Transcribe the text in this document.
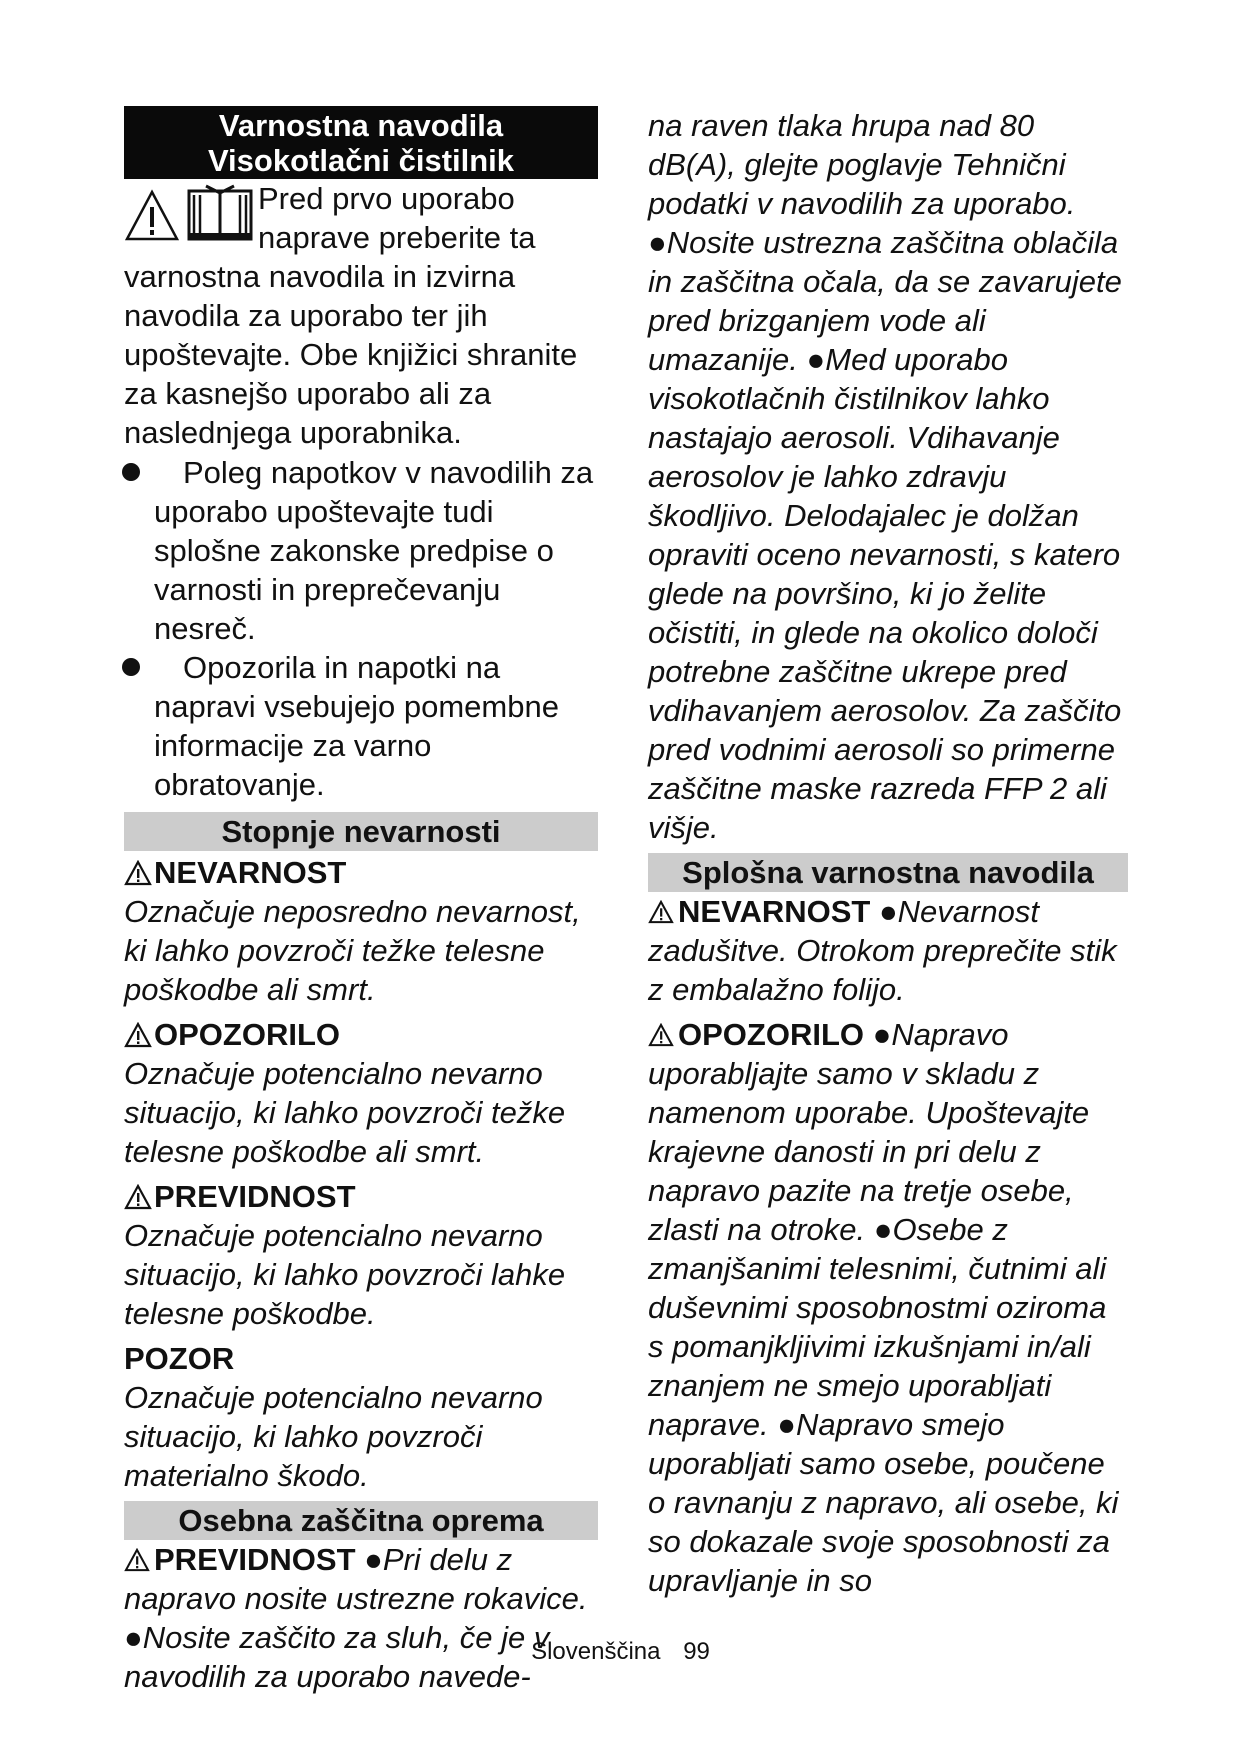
Varnostna navodila
Visokotlačni čistilnik

Pred prvo uporabo naprave preberite ta varnostna navodila in izvirna navodila za uporabo ter jih upoštevajte. Obe knjižici shranite za kasnejšo uporabo ali za naslednjega uporabnika.

Poleg napotkov v navodilih za uporabo upoštevajte tudi splošne zakonske predpise o varnosti in preprečevanju nesreč.

Opozorila in napotki na napravi vsebujejo pomembne informacije za varno obratovanje.

Stopnje nevarnosti
NEVARNOST

Označuje neposredno nevarnost, ki lahko povzroči težke telesne poškodbe ali smrt.

OPOZORILO

Označuje potencialno nevarno situacijo, ki lahko povzroči težke telesne poškodbe ali smrt.

PREVIDNOST

Označuje potencialno nevarno situacijo, ki lahko povzroči lahke telesne poškodbe.

POZOR

Označuje potencialno nevarno situacijo, ki lahko povzroči materialno škodo.

Osebna zaščitna oprema

PREVIDNOST ●Pri delu z napravo nosite ustrezne rokavice. ●Nosite zaščito za sluh, če je v navodilih za uporabo navede-

na raven tlaka hrupa nad 80 dB(A), glejte poglavje Tehnični podatki v navodilih za uporabo. ●Nosite ustrezna zaščitna oblačila in zaščitna očala, da se zavarujete pred brizganjem vode ali umazanije. ●Med uporabo visokotlačnih čistilnikov lahko nastajajo aerosoli. Vdihavanje aerosolov je lahko zdravju škodljivo. Delodajalec je dolžan opraviti oceno nevarnosti, s katero glede na površino, ki jo želite očistiti, in glede na okolico določi potrebne zaščitne ukrepe pred vdihavanjem aerosolov. Za zaščito pred vodnimi aerosoli so primerne zaščitne maske razreda FFP 2 ali višje.

Splošna varnostna navodila

NEVARNOST ●Nevarnost zadušitve. Otrokom preprečite stik z embalažno folijo.

OPOZORILO ●Napravo uporabljajte samo v skladu z namenom uporabe. Upoštevajte krajevne danosti in pri delu z napravo pazite na tretje osebe, zlasti na otroke. ●Osebe z zmanjšanimi telesnimi, čutnimi ali duševnimi sposobnostmi oziroma s pomanjkljivimi izkušnjami in/ali znanjem ne smejo uporabljati naprave. ●Napravo smejo uporabljati samo osebe, poučene o ravnanju z napravo, ali osebe, ki so dokazale svoje sposobnosti za upravljanje in so

Slovenščina 99
